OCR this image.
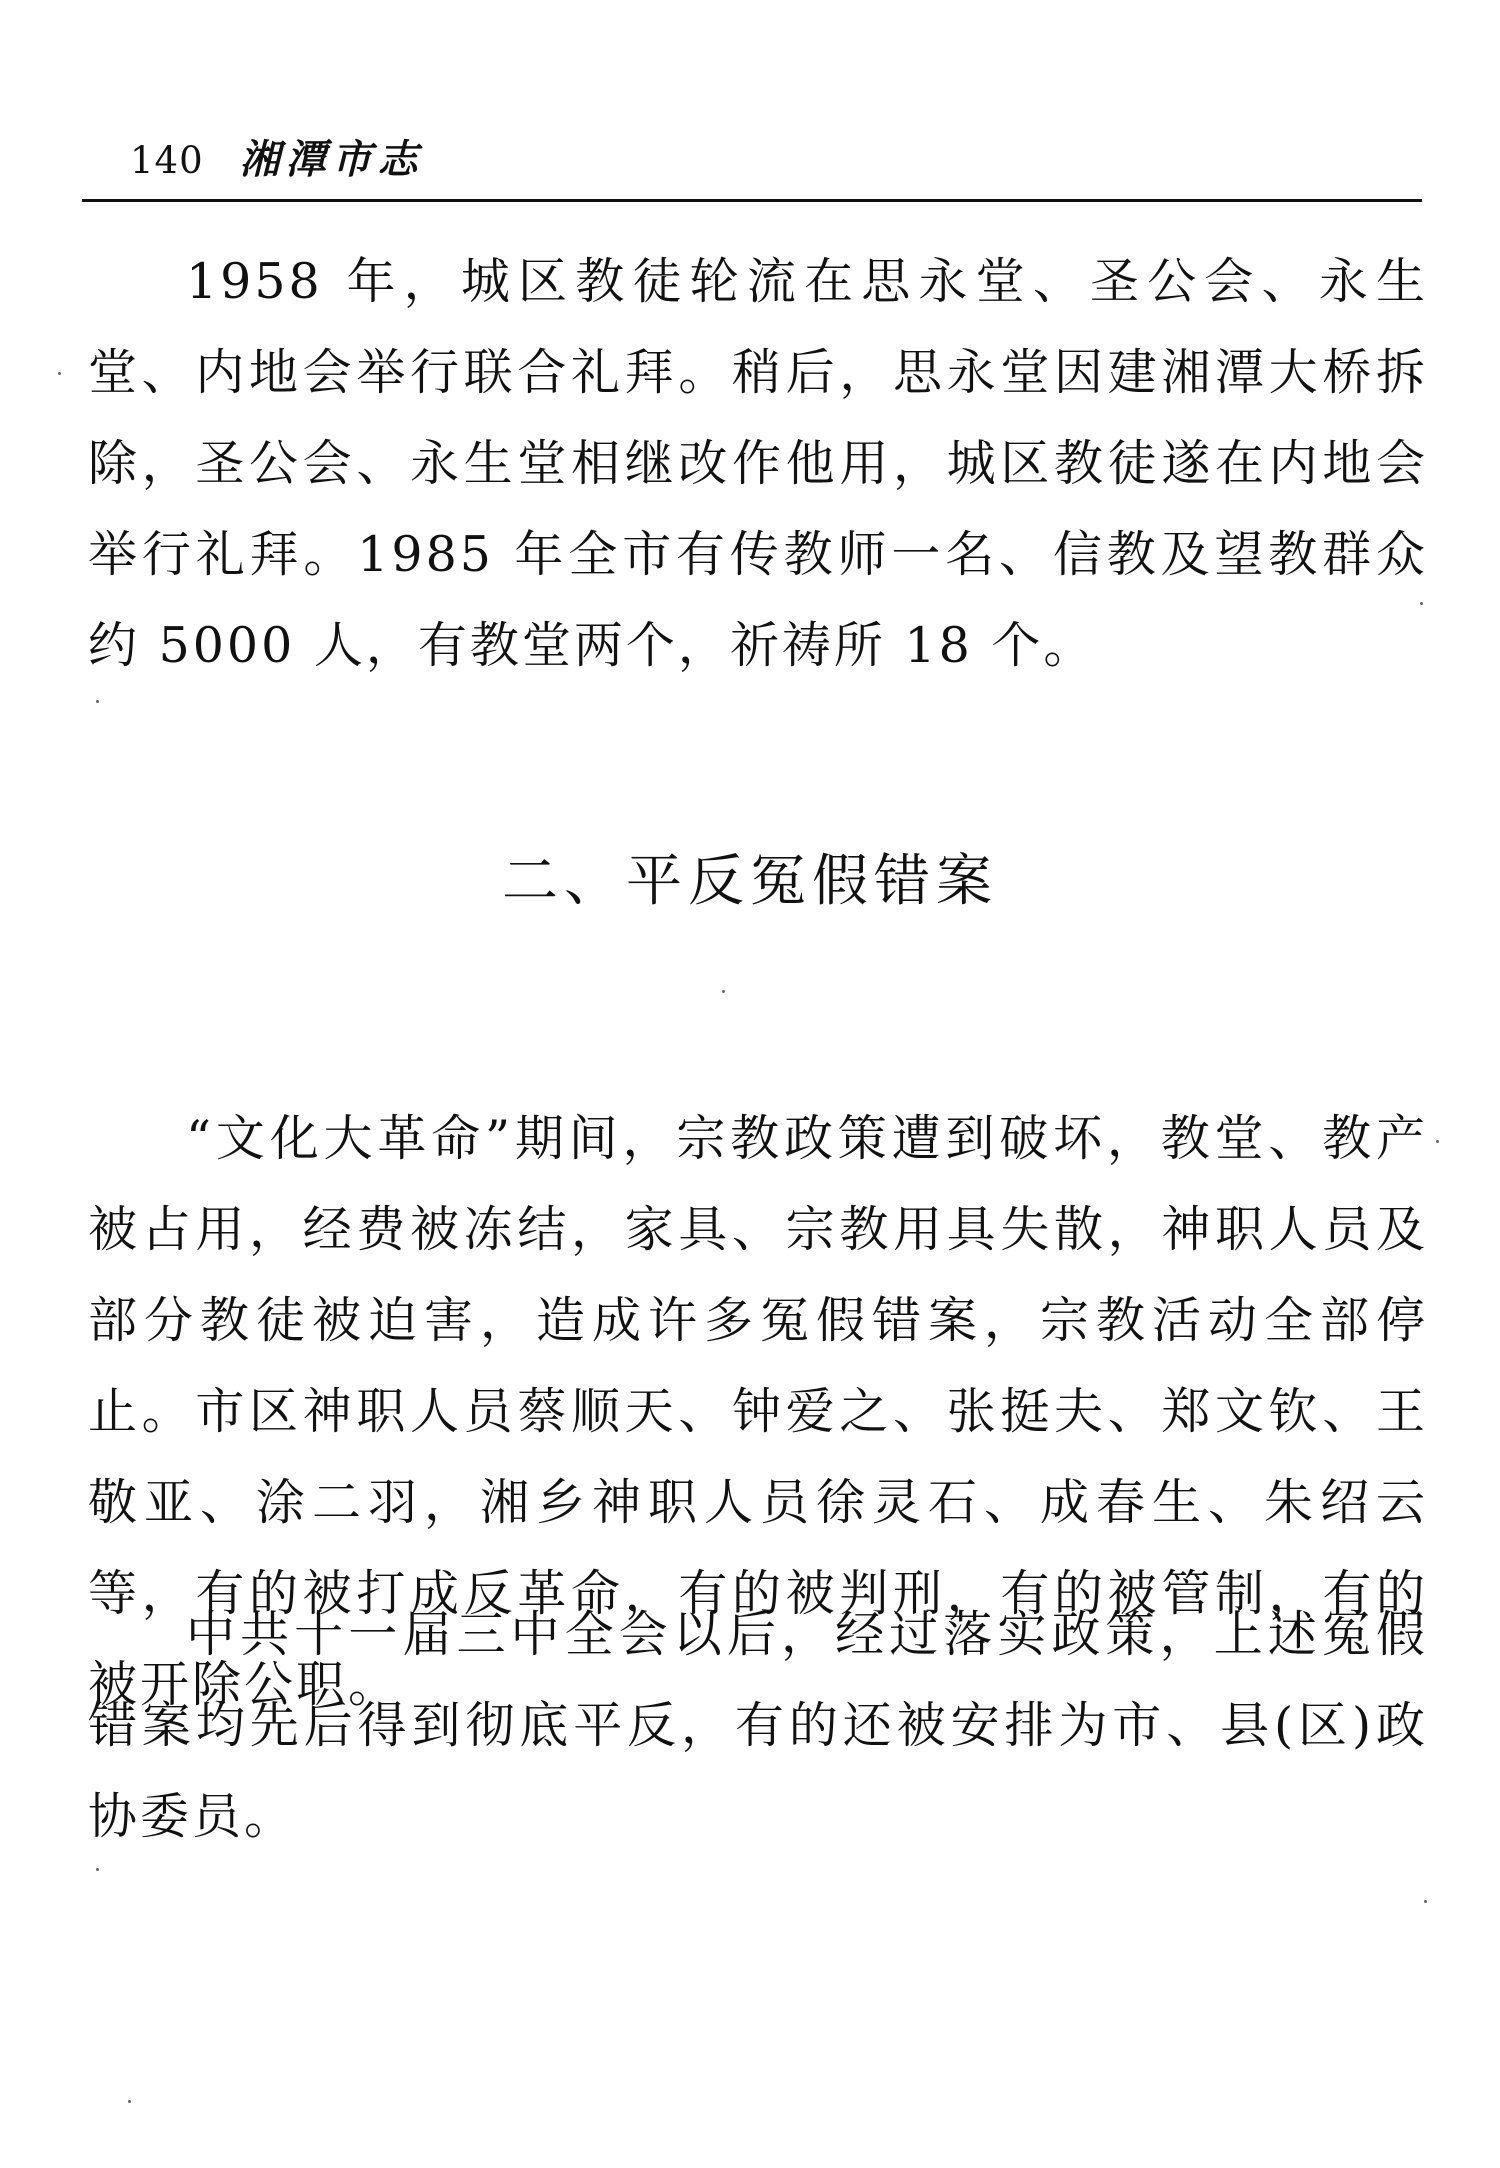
140 湘潭市志

1958 年，城区教徒轮流在思永堂、圣公会、永生堂、内地会举行联合礼拜。稍后，思永堂因建湘潭大桥拆除，圣公会、永生堂相继改作他用，城区教徒遂在内地会举行礼拜。1985 年全市有传教师一名、信教及望教群众约 5000 人，有教堂两个，祈祷所 18 个。

二、平反冤假错案

“文化大革命”期间，宗教政策遭到破坏，教堂、教产被占用，经费被冻结，家具、宗教用具失散，神职人员及部分教徒被迫害，造成许多冤假错案，宗教活动全部停止。市区神职人员蔡顺天、钟爱之、张挺夫、郑文钦、王敬亚、涂二羽，湘乡神职人员徐灵石、成春生、朱绍云等，有的被打成反革命，有的被判刑，有的被管制，有的被开除公职。

中共十一届三中全会以后，经过落实政策，上述冤假错案均先后得到彻底平反，有的还被安排为市、县(区)政协委员。
